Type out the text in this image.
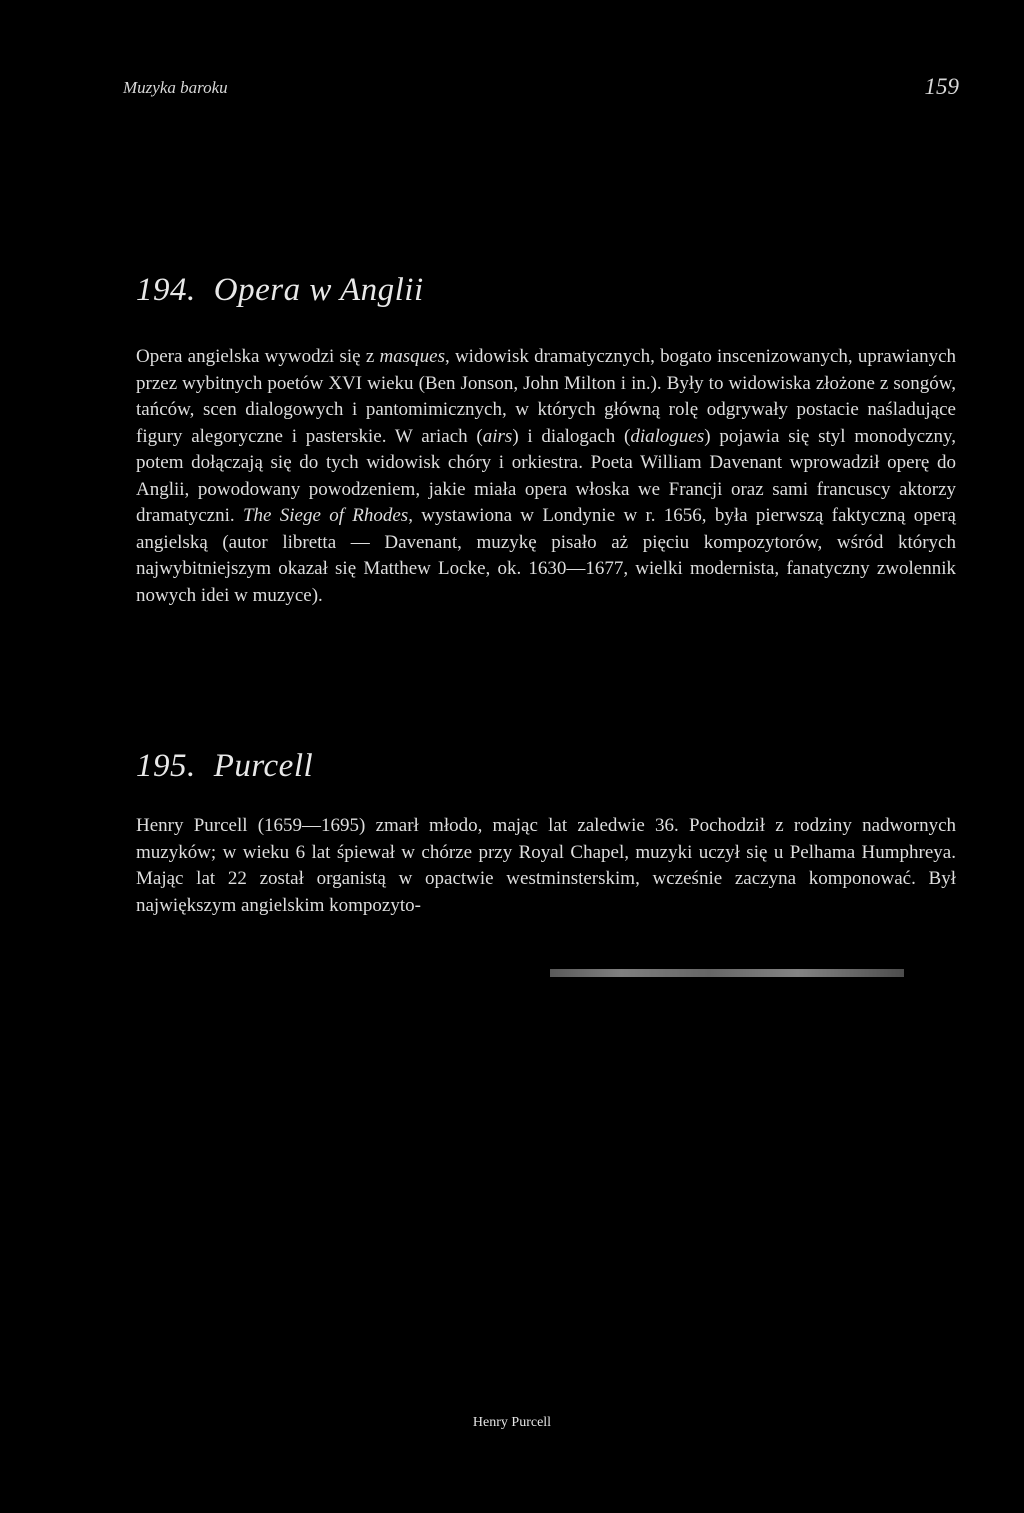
Muzyka baroku	159
194. Opera w Anglii

Opera angielska wywodzi się z masques, widowisk dramatycznych, bogato inscenizowanych, uprawianych przez wybitnych poetów XVI wieku (Ben Jonson, John Milton i in.). Były to widowiska złożone z songów, tańców, scen dialogowych i pantomimicznych, w których główną rolę odgrywały postacie naśladujące figury alegoryczne i pasterskie. W ariach (airs) i dialogach (dialogues) pojawia się styl monodyczny, potem dołączają się do tych widowisk chóry i orkiestra. Poeta William Davenant wprowadził operę do Anglii, powodowany powodzeniem, jakie miała opera włoska we Francji oraz sami francuscy aktorzy dramatyczni. The Siege of Rhodes, wystawiona w Londynie w r. 1656, była pierwszą faktyczną operą angielską (autor libretta — Davenant, muzykę pisało aż pięciu kompozytorów, wśród których najwybitniejszym okazał się Matthew Locke, ok. 1630—1677, wielki modernista, fanatyczny zwolennik nowych idei w muzyce).

195. Purcell

Henry Purcell (1659—1695) zmarł młodo, mając lat zaledwie 36. Pochodził z rodziny nadwornych muzyków; w wieku 6 lat śpiewał w chórze przy Royal Chapel, muzyki uczył się u Pelhama Humphreya. Mając lat 22 został organistą w opactwie westminsterskim, wcześnie zaczyna komponować. Był największym angielskim kompozyto-

Henry Purcell
